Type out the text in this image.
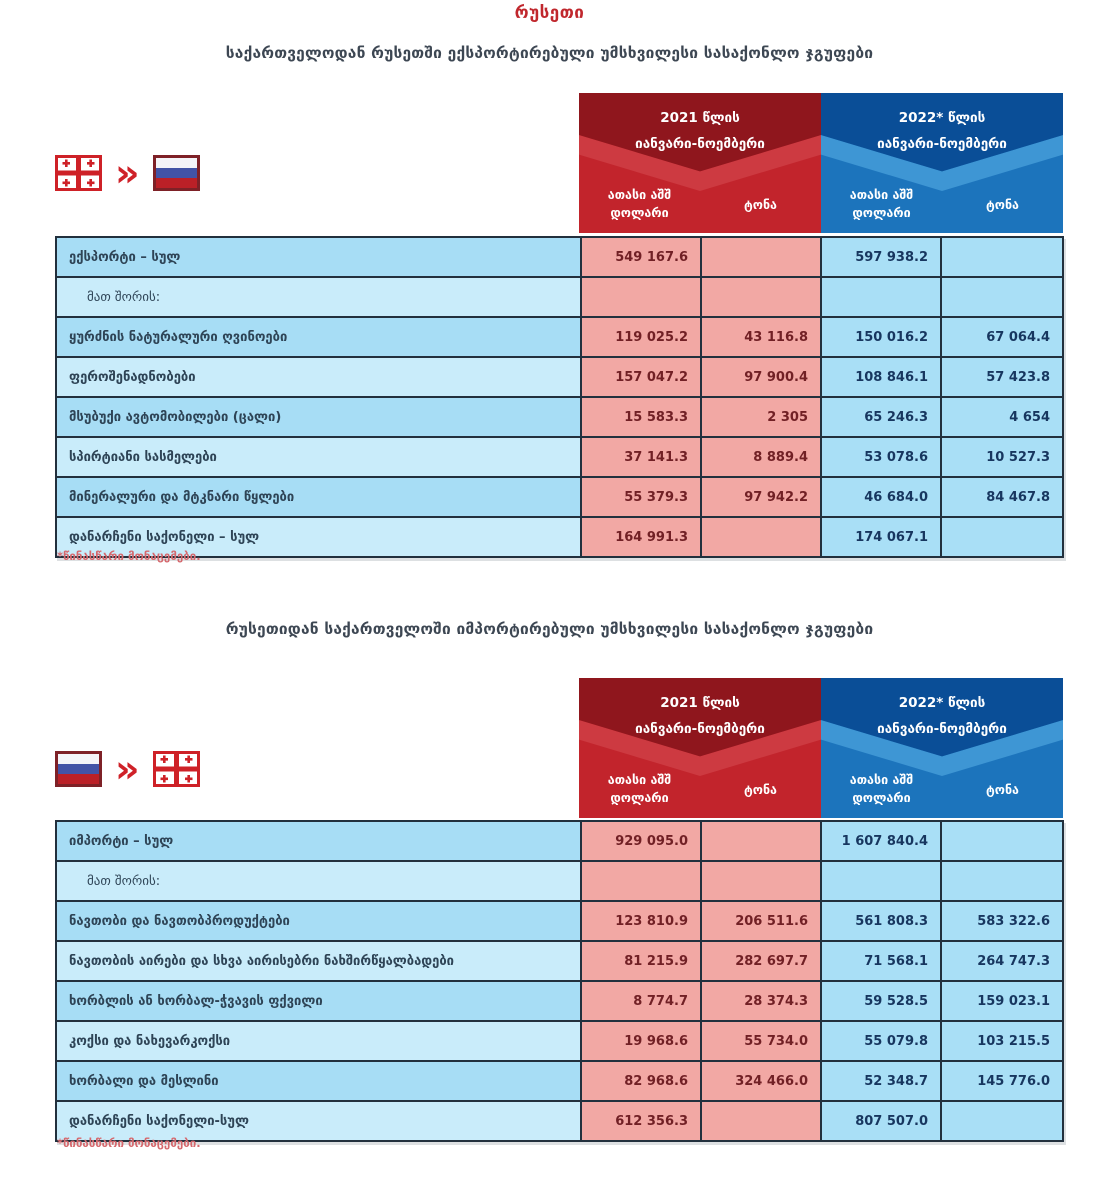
რუსეთი
საქართველოდან რუსეთში ექსპორტირებული უმსხვილესი სასაქონლო ჯგუფები
»
2021 წლის
იანვარი-ნოემბერი
ათასი აშშ დოლარი
ტონა
2022* წლის
იანვარი-ნოემბერი
ათასი აშშ დოლარი
ტონა
ექსპორტი – სულ	549 167.6		597 938.2	
მათ შორის:				
ყურძნის ნატურალური ღვინოები	119 025.2	43 116.8	150 016.2	67 064.4
ფეროშენადნობები	157 047.2	97 900.4	108 846.1	57 423.8
მსუბუქი ავტომობილები (ცალი)	15 583.3	2 305	65 246.3	4 654
სპირტიანი სასმელები	37 141.3	8 889.4	53 078.6	10 527.3
მინერალური და მტკნარი წყლები	55 379.3	97 942.2	46 684.0	84 467.8
დანარჩენი საქონელი – სულ	164 991.3		174 067.1	
*წინასწარი მონაცემები.
რუსეთიდან საქართველოში იმპორტირებული უმსხვილესი სასაქონლო ჯგუფები
»
2021 წლის
იანვარი-ნოემბერი
ათასი აშშ დოლარი
ტონა
2022* წლის
იანვარი-ნოემბერი
ათასი აშშ დოლარი
ტონა
იმპორტი – სულ	929 095.0		1 607 840.4	
მათ შორის:				
ნავთობი და ნავთობპროდუქტები	123 810.9	206 511.6	561 808.3	583 322.6
ნავთობის აირები და სხვა აირისებრი ნახშირწყალბადები	81 215.9	282 697.7	71 568.1	264 747.3
ხორბლის ან ხორბალ-ჭვავის ფქვილი	8 774.7	28 374.3	59 528.5	159 023.1
კოქსი და ნახევარკოქსი	19 968.6	55 734.0	55 079.8	103 215.5
ხორბალი და მესლინი	82 968.6	324 466.0	52 348.7	145 776.0
დანარჩენი საქონელი-სულ	612 356.3		807 507.0	
*წინასწარი მონაცემები.
